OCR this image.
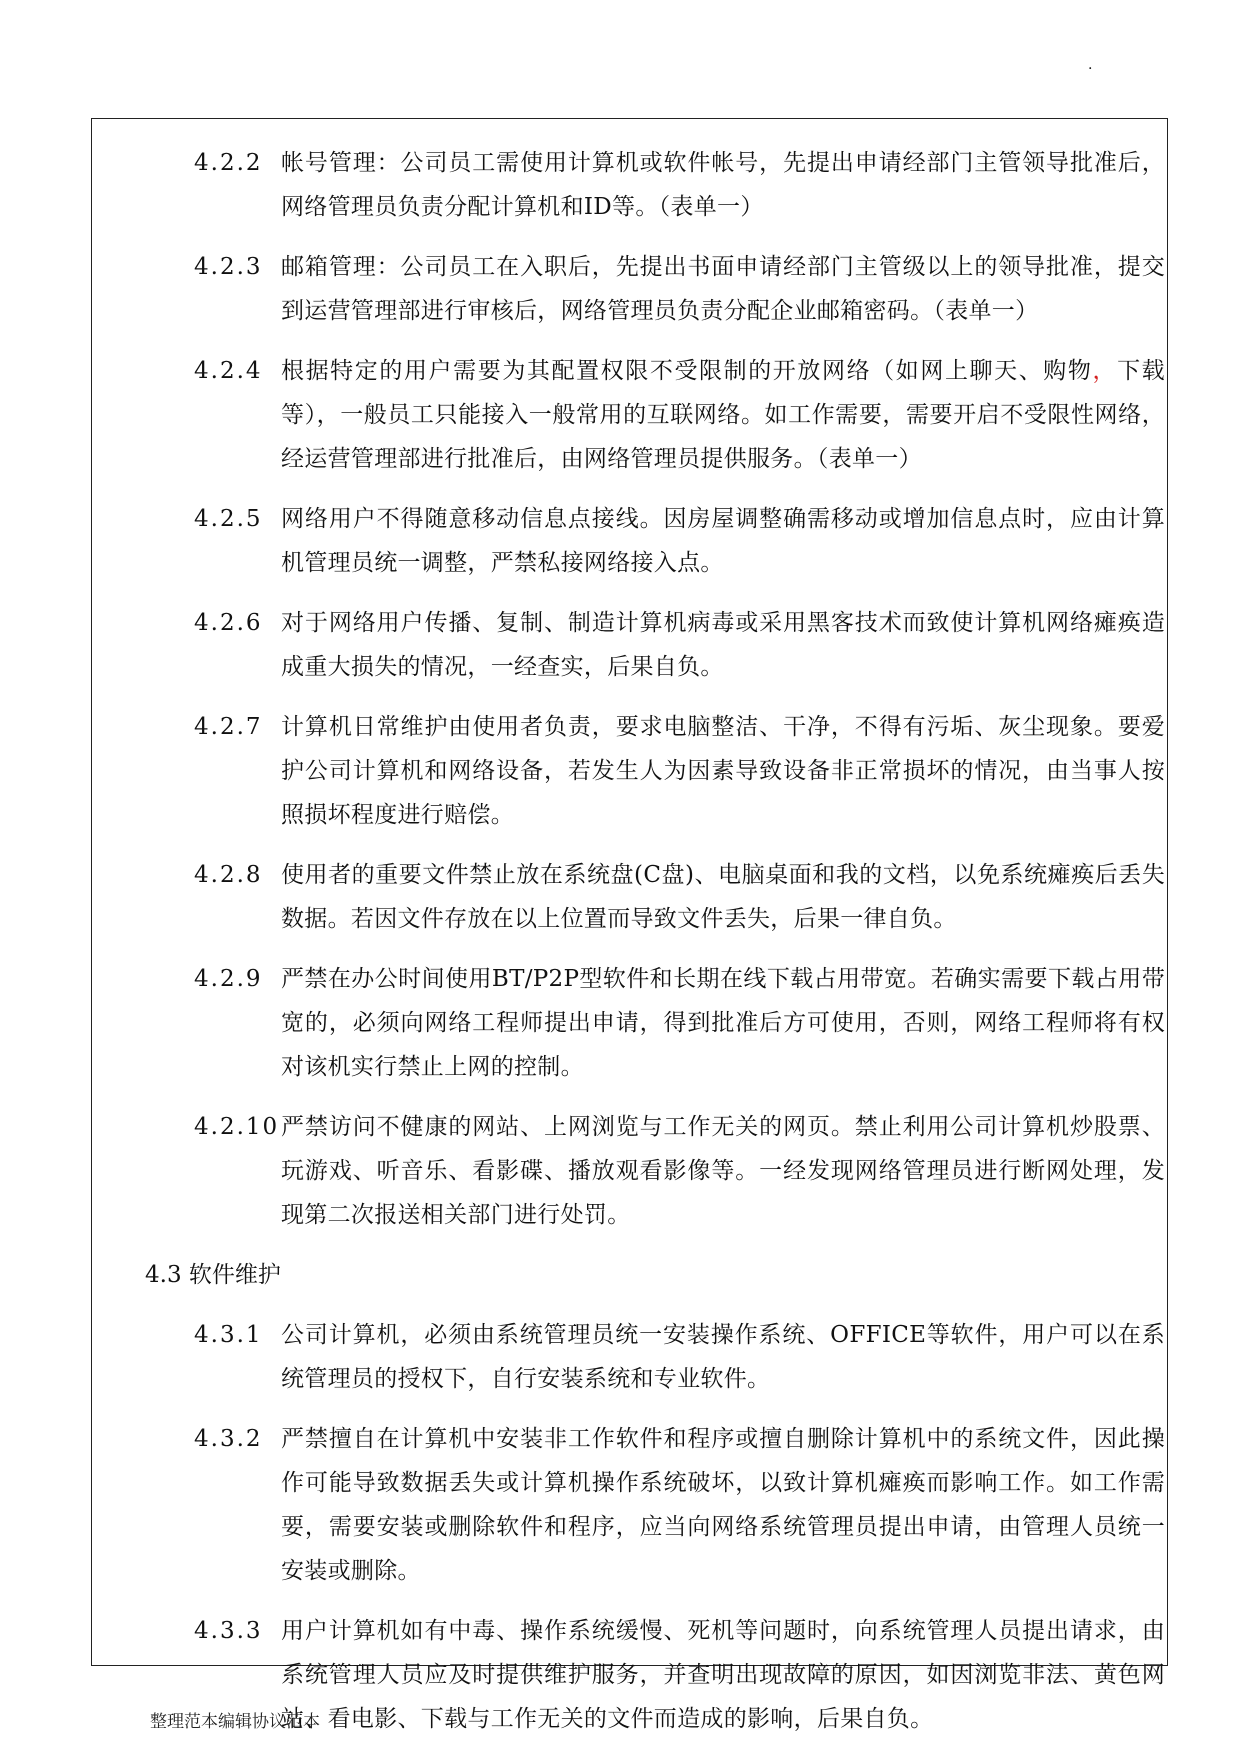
.
4.2.2 帐号管理：公司员工需使用计算机或软件帐号，先提出申请经部门主管领导批准后，网络管理员负责分配计算机和ID等。（表单一）
4.2.3 邮箱管理：公司员工在入职后，先提出书面申请经部门主管级以上的领导批准，提交到运营管理部进行审核后，网络管理员负责分配企业邮箱密码。（表单一）
4.2.4 根据特定的用户需要为其配置权限不受限制的开放网络（如网上聊天、购物，下载等），一般员工只能接入一般常用的互联网络。如工作需要，需要开启不受限性网络，经运营管理部进行批准后，由网络管理员提供服务。（表单一）
4.2.5 网络用户不得随意移动信息点接线。因房屋调整确需移动或增加信息点时，应由计算机管理员统一调整，严禁私接网络接入点。
4.2.6 对于网络用户传播、复制、制造计算机病毒或采用黑客技术而致使计算机网络瘫痪造成重大损失的情况，一经查实，后果自负。
4.2.7 计算机日常维护由使用者负责，要求电脑整洁、干净，不得有污垢、灰尘现象。要爱护公司计算机和网络设备，若发生人为因素导致设备非正常损坏的情况，由当事人按照损坏程度进行赔偿。
4.2.8 使用者的重要文件禁止放在系统盘(C盘)、电脑桌面和我的文档，以免系统瘫痪后丢失数据。若因文件存放在以上位置而导致文件丢失，后果一律自负。
4.2.9 严禁在办公时间使用BT/P2P型软件和长期在线下载占用带宽。若确实需要下载占用带宽的，必须向网络工程师提出申请，得到批准后方可使用，否则，网络工程师将有权对该机实行禁止上网的控制。
4.2.10 严禁访问不健康的网站、上网浏览与工作无关的网页。禁止利用公司计算机炒股票、玩游戏、听音乐、看影碟、播放观看影像等。一经发现网络管理员进行断网处理，发现第二次报送相关部门进行处罚。
4.3 软件维护
4.3.1 公司计算机，必须由系统管理员统一安装操作系统、OFFICE等软件，用户可以在系统管理员的授权下，自行安装系统和专业软件。
4.3.2 严禁擅自在计算机中安装非工作软件和程序或擅自删除计算机中的系统文件，因此操作可能导致数据丢失或计算机操作系统破坏，以致计算机瘫痪而影响工作。如工作需要，需要安装或删除软件和程序，应当向网络系统管理员提出申请，由管理人员统一安装或删除。
4.3.3 用户计算机如有中毒、操作系统缓慢、死机等问题时，向系统管理人员提出请求，由系统管理人员应及时提供维护服务，并查明出现故障的原因，如因浏览非法、黄色网站、看电影、下载与工作无关的文件而造成的影响，后果自负。
整理范本编辑协议范本
